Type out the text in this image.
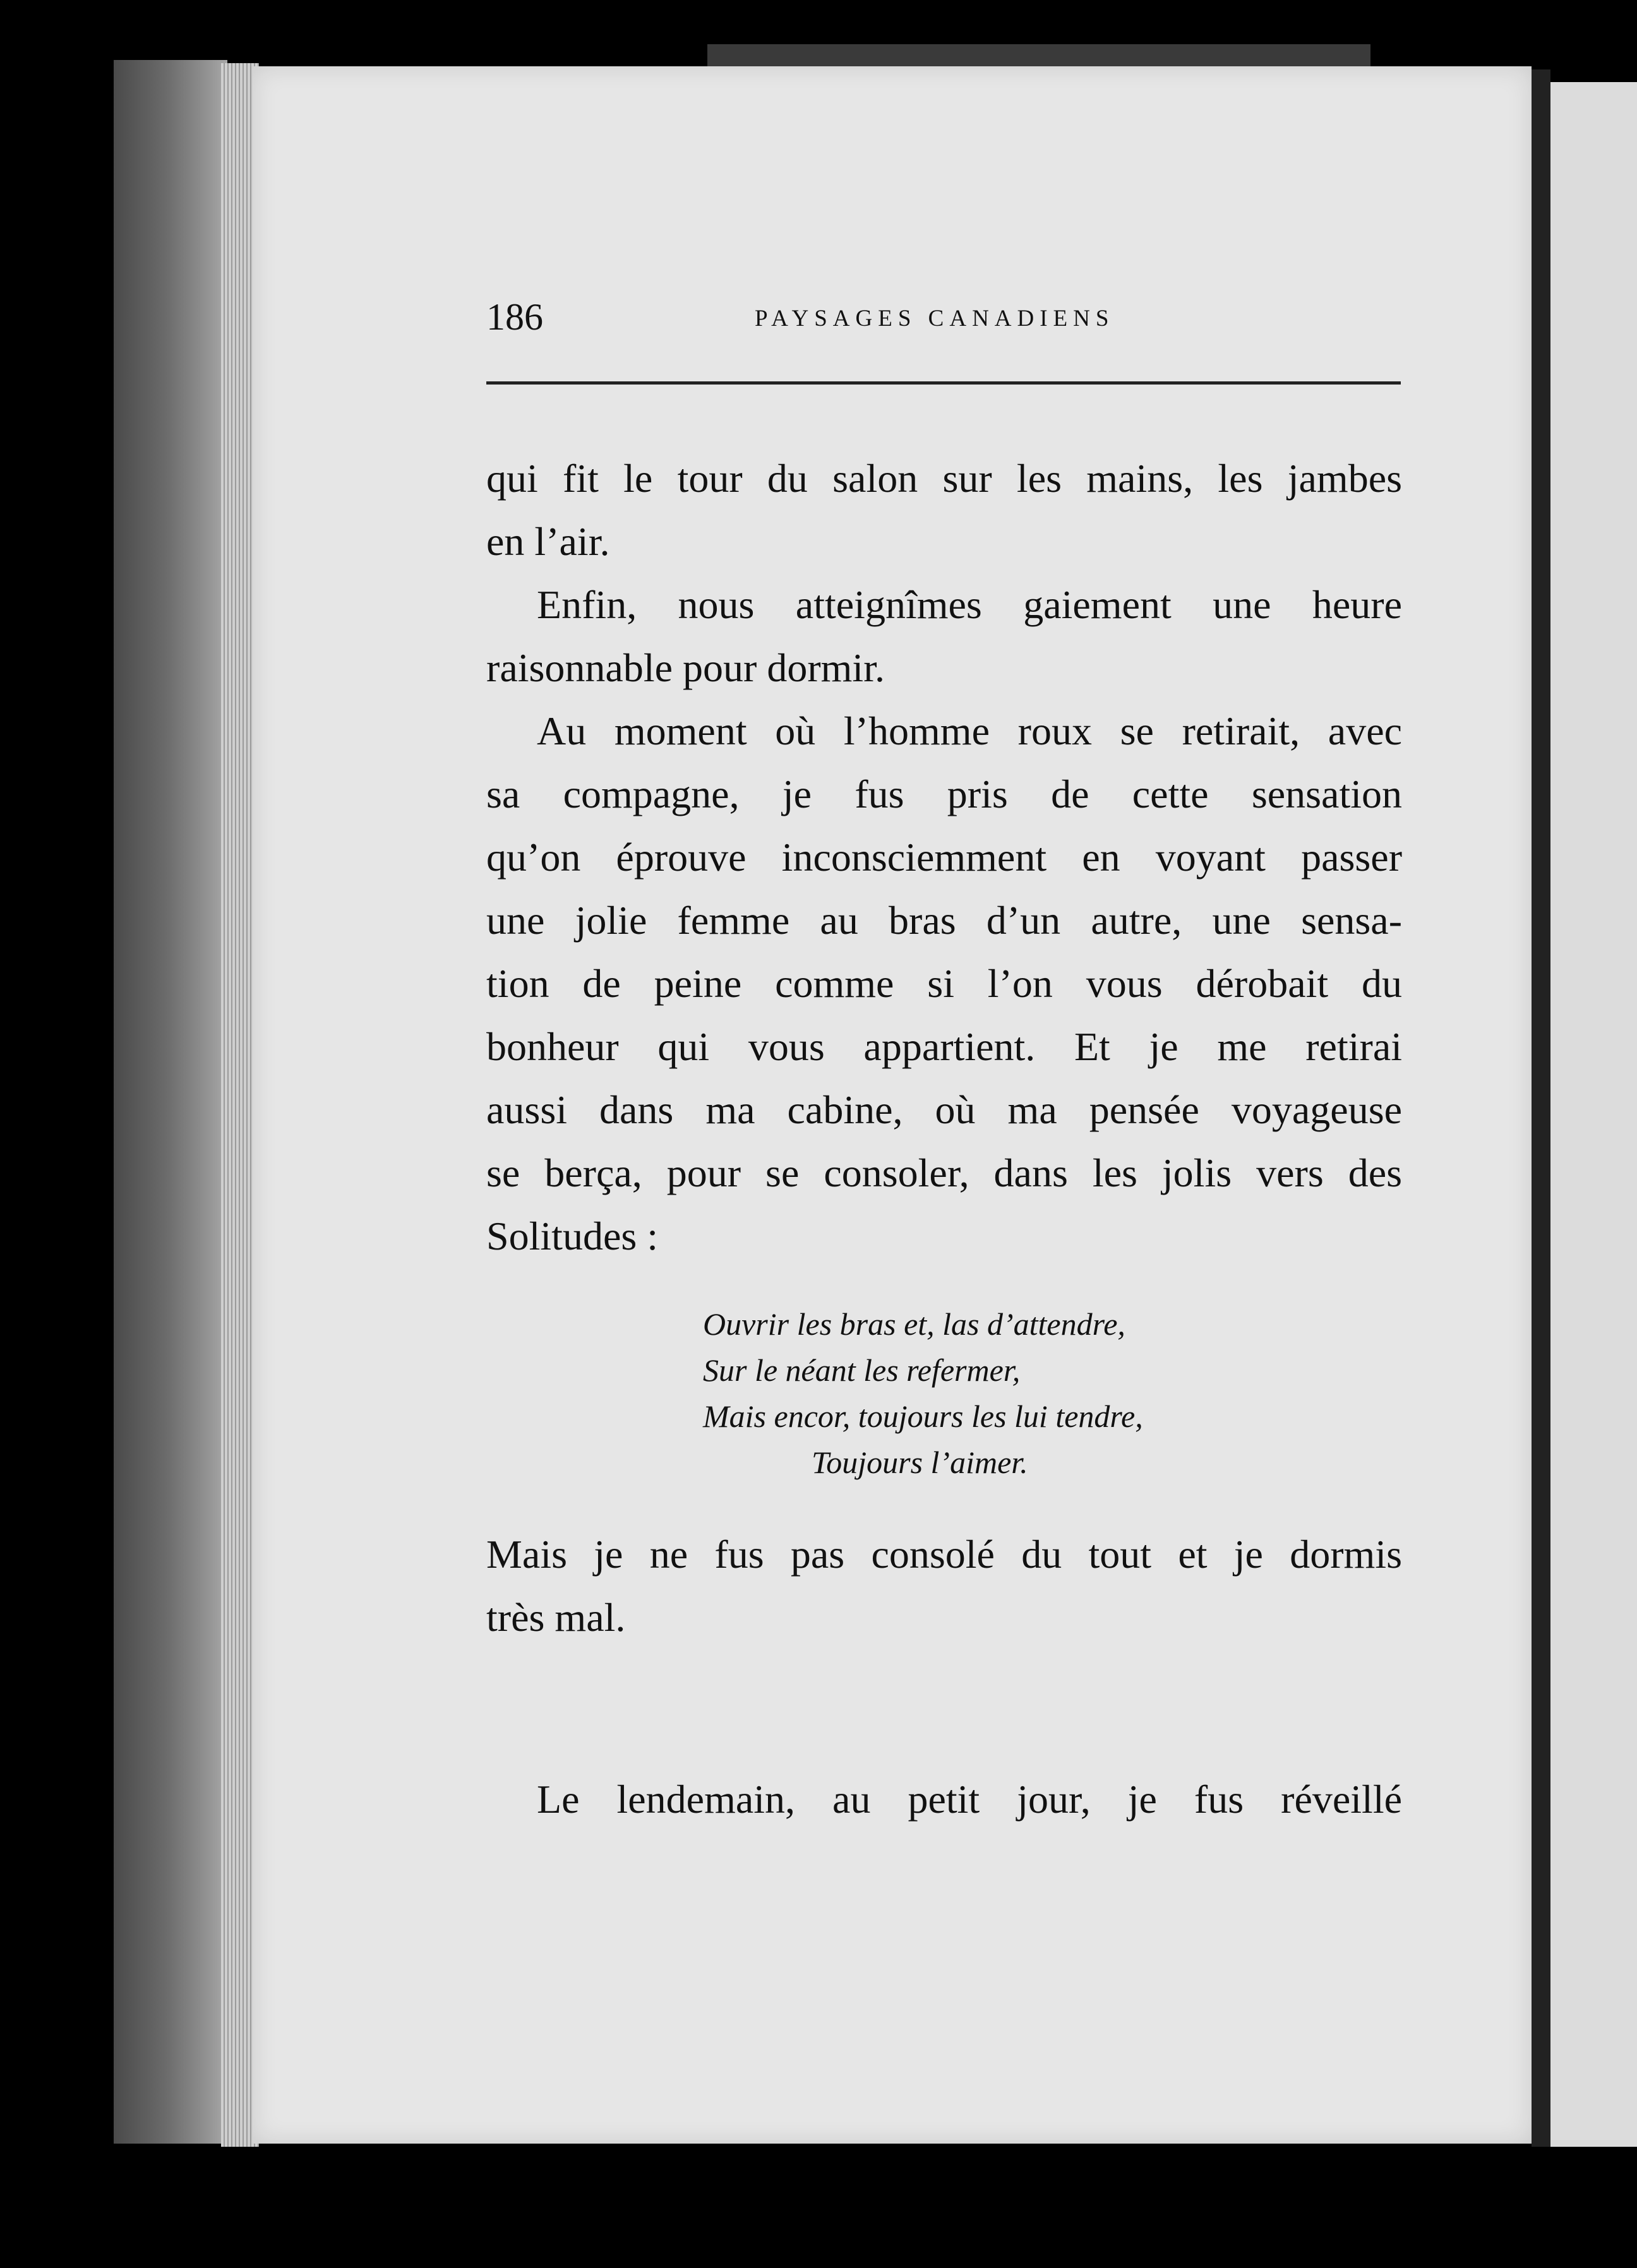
186	PAYSAGES CANADIENS
qui fit le tour du salon sur les mains, les jambes
en l’air.
Enfin, nous atteignîmes gaiement une heure
raisonnable pour dormir.
Au moment où l’homme roux se retirait, avec
sa compagne, je fus pris de cette sensation
qu’on éprouve inconsciemment en voyant passer
une jolie femme au bras d’un autre, une sensa-
tion de peine comme si l’on vous dérobait du
bonheur qui vous appartient. Et je me retirai
aussi dans ma cabine, où ma pensée voyageuse
se berça, pour se consoler, dans les jolis vers des
Solitudes :
Ouvrir les bras et, las d’attendre,
Sur le néant les refermer,
Mais encor, toujours les lui tendre,
Toujours l’aimer.
Mais je ne fus pas consolé du tout et je dormis
très mal.
Le lendemain, au petit jour, je fus réveillé
